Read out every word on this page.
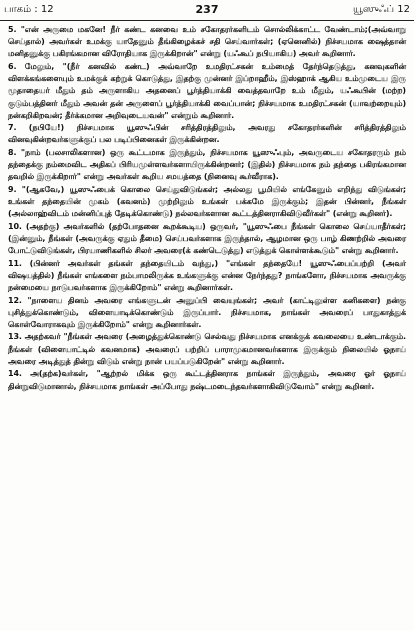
பாகம் : 12	237	யூஸுஃப் 12

5. "என் அருமை மகனே! நீர் கண்ட கனவை உம் சகோதரர்களிடம் சொல்லிக்காட்ட வேண்டாம்;(அவ்வாறு செய்தால்) அவர்கள் உமக்கு யாதேனும் தீங்கிழைக்கச் சதி செய்வார்கள்; (ஏனெனில்) நிச்சயமாக ஷைத்தான் மனிதனுக்கு பகிரங்கமான விரோதியாக இருக்கிறான்" என்று (யஃகூப் நபியாகிய) அவர் கூறினார்.

6. மேலும், "(நீர் கனவில் கண்ட) அவ்வாறே உமதிரட்சகன் உம்மைத் தேர்ந்தெடுத்து, கனவுகளின் விளக்கங்களையும் உமக்குக் கற்றுக் கொடுத்து, இதற்கு முன்னர் இப்றாஹீம், இஸ்ஹாக் ஆகிய உம்முடைய இரு மூதாதையர் மீதும் தம் அருளாகிய அதனைப் பூர்த்தியாக்கி வைத்தவாறே உம் மீதும், யஃகூபின் (மற்ற) குடும்பத்தினர் மீதும் அவன் தன் அருளைப் பூர்த்தியாக்கி வைப்பான்; நிச்சயமாக உமதிரட்சகன் (யாவற்றையும்) நன்கறிகிறவன்; தீர்க்கமான அறிவுடையவன்" என்றும் கூறினார்.

7. (நபியே!) நிச்சயமாக யூஸுஃபின் சரித்திரத்திலும், அவரது சகோதரர்களின் சரித்திரத்திலும் வினவுகின்றவர்களுக்குப் பல படிப்பினைகள் இருக்கின்றன.

8. "நாம் (பலசாலிகளான) ஒரு கூட்டமாக இருந்தும், நிச்சயமாக யூஸுஃபும், அவருடைய சகோதரரும் நம் தந்தைக்கு நம்மைவிட அதிகப் பிரியமுள்ளவர்களாயிருக்கின்றனர்; (இதில்) நிச்சயமாக நம் தந்தை பகிரங்கமான தவறில் இருக்கிறார்" என்று அவர்கள் கூறிய சமயத்தை (நினைவு கூர்வீராக).

9. "(ஆகவே,) யூஸுஃபைக் கொலை செய்துவிடுங்கள்; அல்லது பூமியில் எங்கேனும் எறிந்து விடுங்கள்; உங்கள் தந்தையின் முகம் (கவனம்) முற்றிலும் உங்கள் பக்கமே இருக்கும்; இதன் பின்னர், நீங்கள் (அல்லாஹ்விடம் மன்னிப்புத் தேடிக்கொண்டு) நல்லவர்களான கூட்டத்தினராகிவிடுவீர்கள்" (என்று கூறினர்).

10. (அதற்கு) அவர்களில் (தற்போதனை கூறக்கூடிய) ஒருவர், "யூஸுஃபை நீங்கள் கொலை செய்யாதீர்கள்; (இன்னும், நீங்கள் (அவருக்கு ஏதும் தீமை) செய்பவர்களாக இருந்தால், ஆழமான ஒரு பாழ் கிணற்றில் அவரை போட்டுவிடுங்கள், பிரயாணிகளில் சிலர் அவரை(க் கண்டெடுத்து) எடுத்துக் கொள்ளக்கூடும்" என்று கூறினார்.

11. (பின்னர் அவர்கள் தங்கள் தந்தையிடம் வந்து,) "எங்கள் தந்தையே! யூஸுஃபைப்பற்றி (அவர் விஷயத்தில்) நீங்கள் எங்களை நம்பாமலிருக்க உங்களுக்கு என்ன நேர்ந்தது? நாங்களோ, நிச்சயமாக அவருக்கு நன்மையை நாடுபவர்களாக இருக்கிறோம்" என்று கூறினார்கள்.

12. "நாளைய தினம் அவரை எங்களுடன் அனுப்பி வையுங்கள்; அவர் (காட்டிலுள்ள கனிகளை) நன்கு புசித்துக்கொண்டும், விளையாடிக்கொண்டும் இருப்பார். நிச்சயமாக, நாங்கள் அவரைப் பாதுகாத்துக் கொள்வோராகவும் இருக்கிறோம்" என்று கூறினார்கள்.

13. அதற்கவர் "நீங்கள் அவரை (அழைத்துக்கொண்டு செல்வது நிச்சயமாக எனக்குக் கவலையை உண்டாக்கும். நீங்கள் (விளையாட்டில் கவனமாக) அவரைப் பற்றிப் பாராமுகமானவர்களாக இருக்கும் நிலையில் ஓநாய் அவரை அடித்துத் தின்று விடும் என்று நான் பயப்படுகிறேன்" என்று கூறினார்.

14. அ(தற்க)வர்கள், "ஆற்றல் மிக்க ஒரு கூட்டத்தினராக நாங்கள் இருந்தும், அவரை ஓர் ஓநாய் தின்றுவிடுமானால், நிச்சயமாக நாங்கள் அப்போது நஷ்டமடைந்தவர்களாகிவிடுவோம்" என்று கூறினர்.
